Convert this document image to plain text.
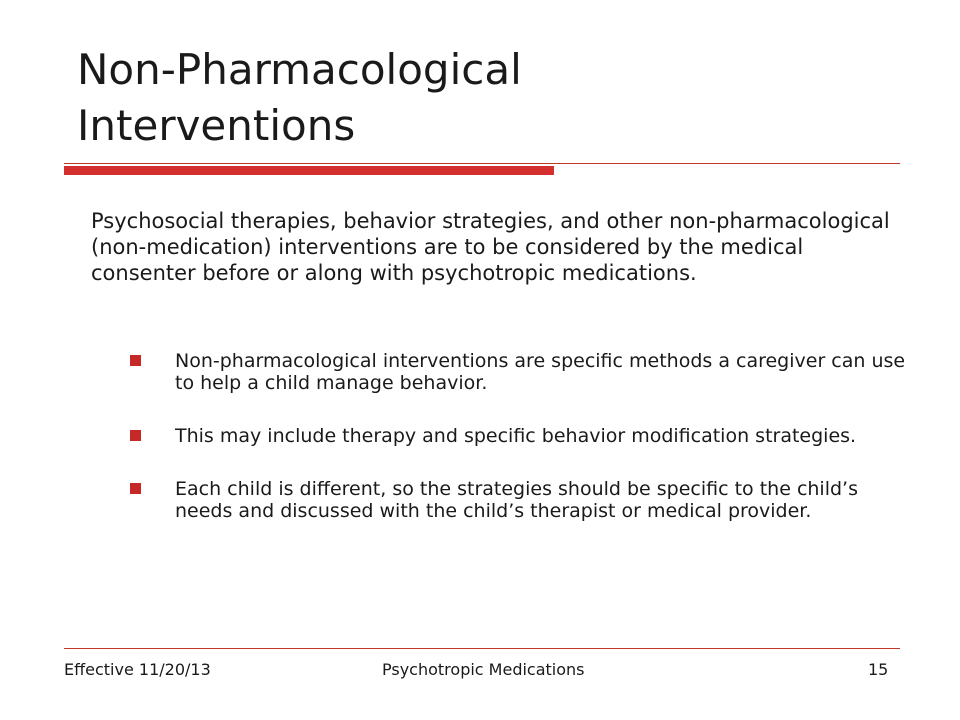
Non-Pharmacological
Interventions

Psychosocial therapies, behavior strategies, and other non-pharmacological (non-medication) interventions are to be considered by the medical consenter before or along with psychotropic medications.

Non-pharmacological interventions are specific methods a caregiver can use to help a child manage behavior.
This may include therapy and specific behavior modification strategies.
Each child is different, so the strategies should be specific to the child’s needs and discussed with the child’s therapist or medical provider.
Effective 11/20/13	Psychotropic Medications	15
